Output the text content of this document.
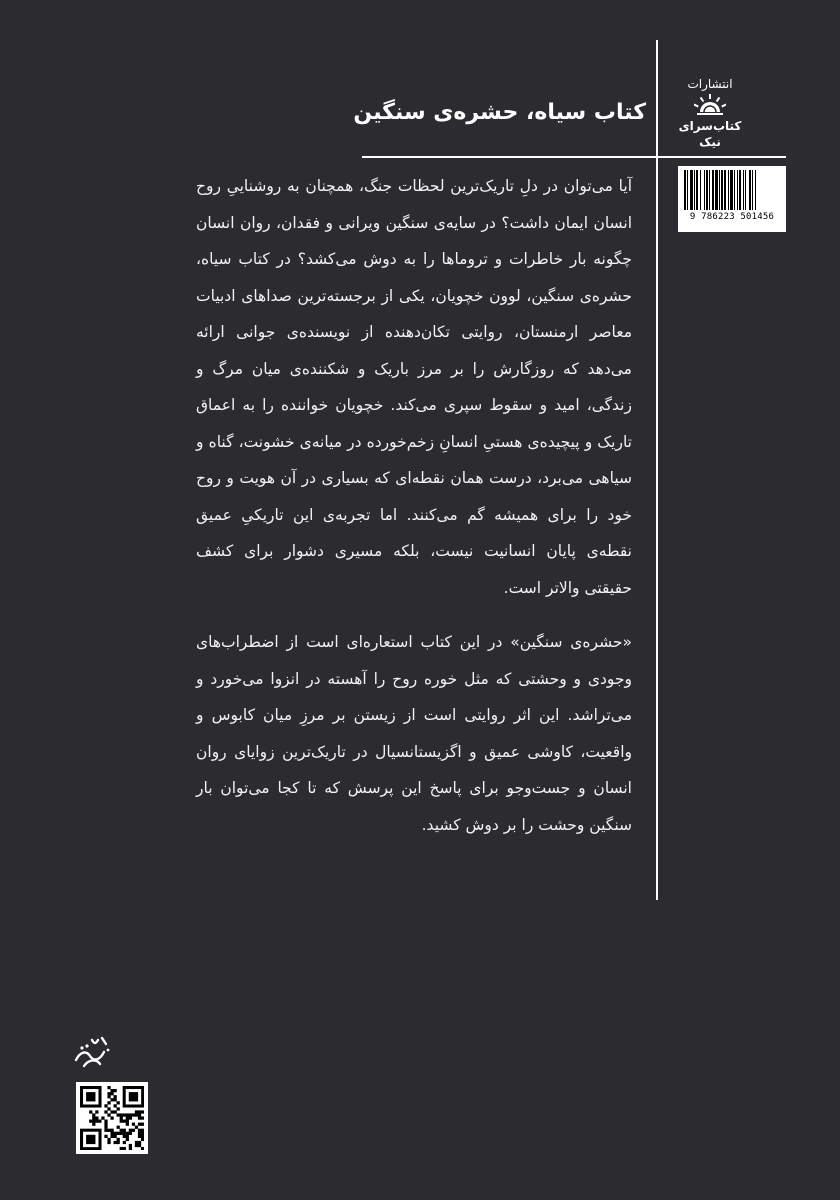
انتشارات
کتاب‌سرای نیک
کتاب سیاه، حشره‌ی سنگین
9 786223 501456
آیا می‌توان در دلِ تاریک‌ترین لحظات جنگ، همچنان به روشناییِ روح انسان ایمان داشت؟ در سایه‌ی سنگین ویرانی و فقدان، روان انسان چگونه بار خاطرات و تروماها را به دوش می‌کشد؟ در کتاب سیاه، حشره‌ی سنگین، لوون خچویان، یکی از برجسته‌ترین صداهای ادبیات معاصر ارمنستان، روایتی تکان‌دهنده از نویسنده‌ی جوانی ارائه می‌دهد که روزگارش را بر مرز باریک و شکننده‌ی میان مرگ و زندگی، امید و سقوط سپری می‌کند. خچویان خواننده را به اعماق تاریک و پیچیده‌ی هستیِ انسانِ زخم‌خورده در میانه‌ی خشونت، گناه و سیاهی می‌برد، درست همان نقطه‌ای که بسیاری در آن هویت و روح خود را برای همیشه گم می‌کنند. اما تجربه‌ی این تاریکیِ عمیق نقطه‌ی پایان انسانیت نیست، بلکه مسیری دشوار برای کشف حقیقتی والاتر است.
«حشره‌ی سنگین» در این کتاب استعاره‌ای است از اضطراب‌های وجودی و وحشتی که مثل خوره روح را آهسته در انزوا می‌خورد و می‌تراشد. این اثر روایتی است از زیستن بر مرزِ میان کابوس و واقعیت، کاوشی عمیق و اگزیستانسیال در تاریک‌ترین زوایای روان انسان و جست‌وجو برای پاسخ این پرسش که تا کجا می‌توان بار سنگین وحشت را بر دوش کشید.
